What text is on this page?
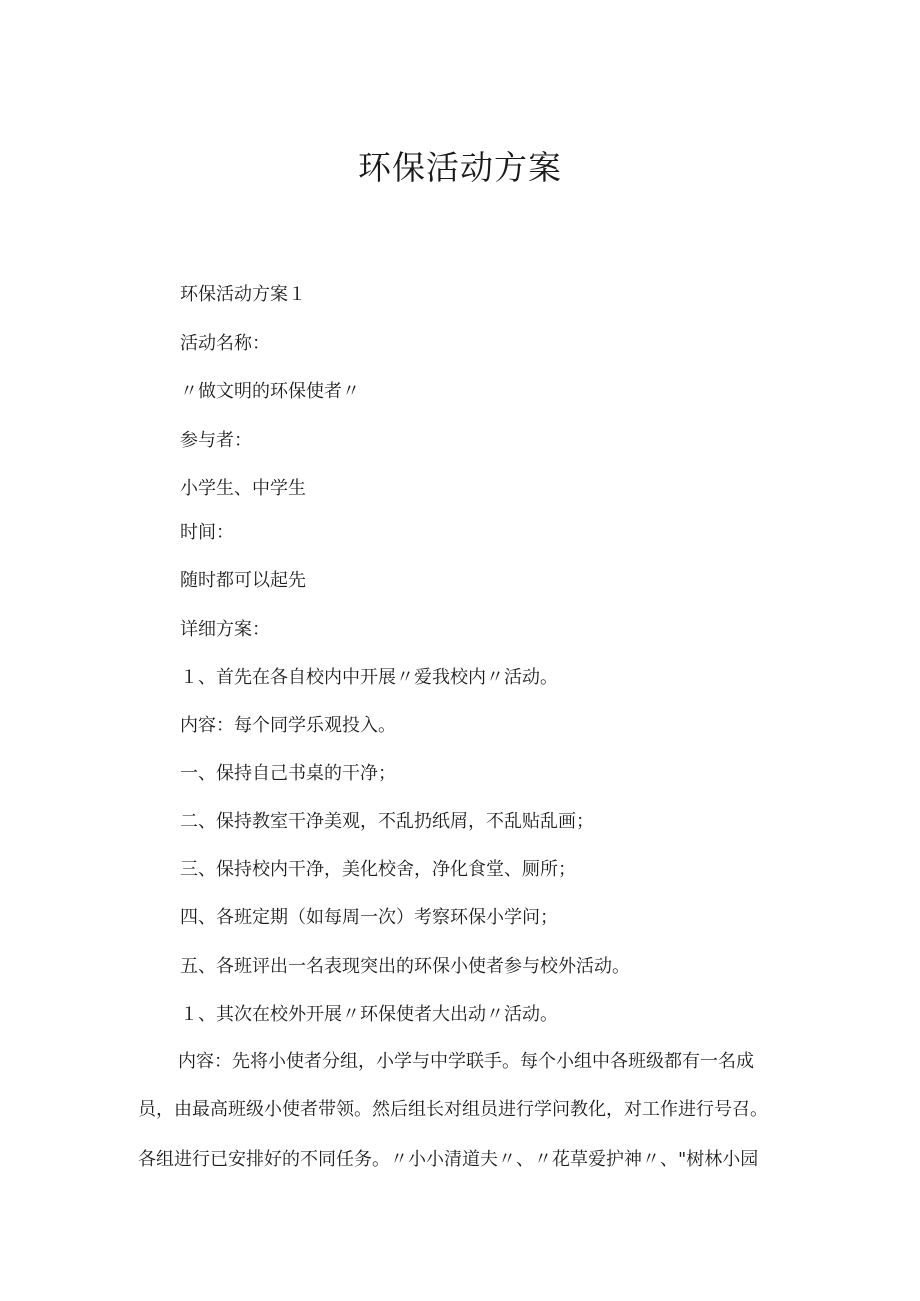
环保活动方案

环保活动方案１

活动名称：

〃做文明的环保使者〃

参与者：

小学生、中学生

时间：

随时都可以起先

详细方案：

１、首先在各自校内中开展〃爱我校内〃活动。

内容：每个同学乐观投入。

一、保持自己书桌的干净；

二、保持教室干净美观，不乱扔纸屑，不乱贴乱画；

三、保持校内干净，美化校舍，净化食堂、厕所；

四、各班定期（如每周一次）考察环保小学问；

五、各班评出一名表现突出的环保小使者参与校外活动。

１、其次在校外开展〃环保使者大出动〃活动。

内容：先将小使者分组，小学与中学联手。每个小组中各班级都有一名成
员，由最高班级小使者带领。然后组长对组员进行学问教化，对工作进行号召。
各组进行已安排好的不同任务。〃小小清道夫〃、〃花草爱护神〃、"树林小园
